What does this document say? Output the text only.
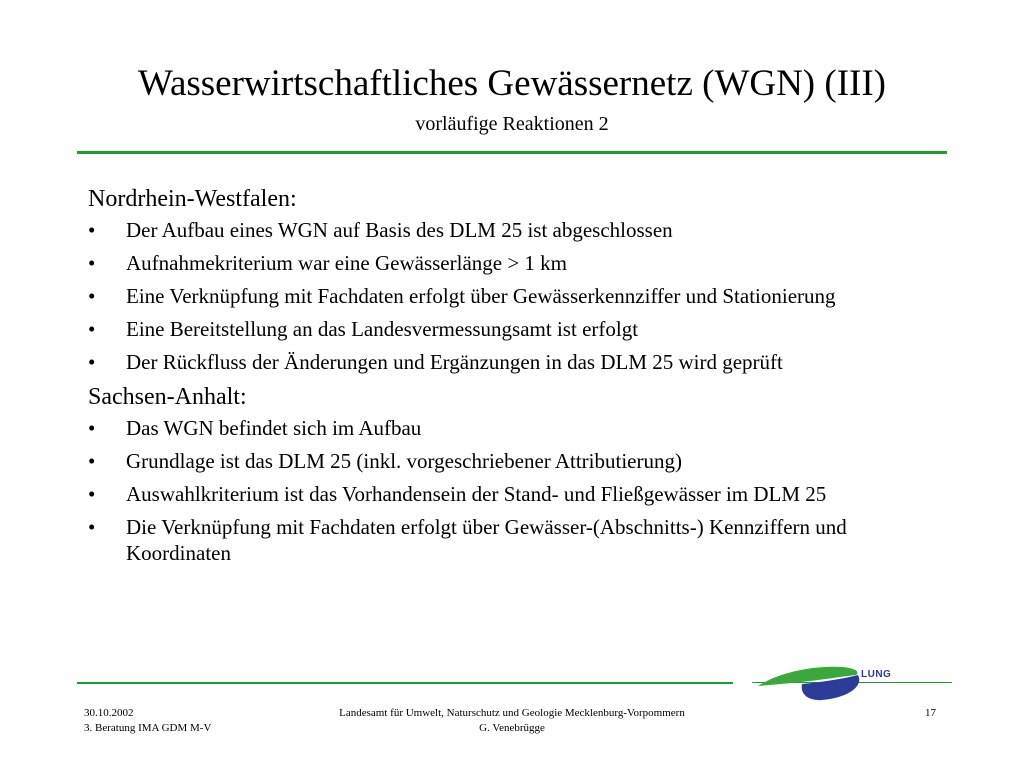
Wasserwirtschaftliches Gewässernetz (WGN) (III)
vorläufige Reaktionen 2
Nordrhein-Westfalen:
• Der Aufbau eines WGN auf Basis des DLM 25 ist abgeschlossen
• Aufnahmekriterium war eine Gewässerlänge > 1 km
• Eine Verknüpfung mit Fachdaten erfolgt über Gewässerkennziffer und Stationierung
• Eine Bereitstellung an das Landesvermessungsamt ist erfolgt
• Der Rückfluss der Änderungen und Ergänzungen in das DLM 25 wird geprüft
Sachsen-Anhalt:
• Das WGN befindet sich im Aufbau
• Grundlage ist das DLM 25 (inkl. vorgeschriebener Attributierung)
• Auswahlkriterium ist das Vorhandensein der Stand- und Fließgewässer im DLM 25
• Die Verknüpfung mit Fachdaten erfolgt über Gewässer-(Abschnitts-) Kennziffern und Koordinaten
LUNG
30.10.2002
3. Beratung IMA GDM M-V
Landesamt für Umwelt, Naturschutz und Geologie Mecklenburg-Vorpommern
G. Venebrügge
17
